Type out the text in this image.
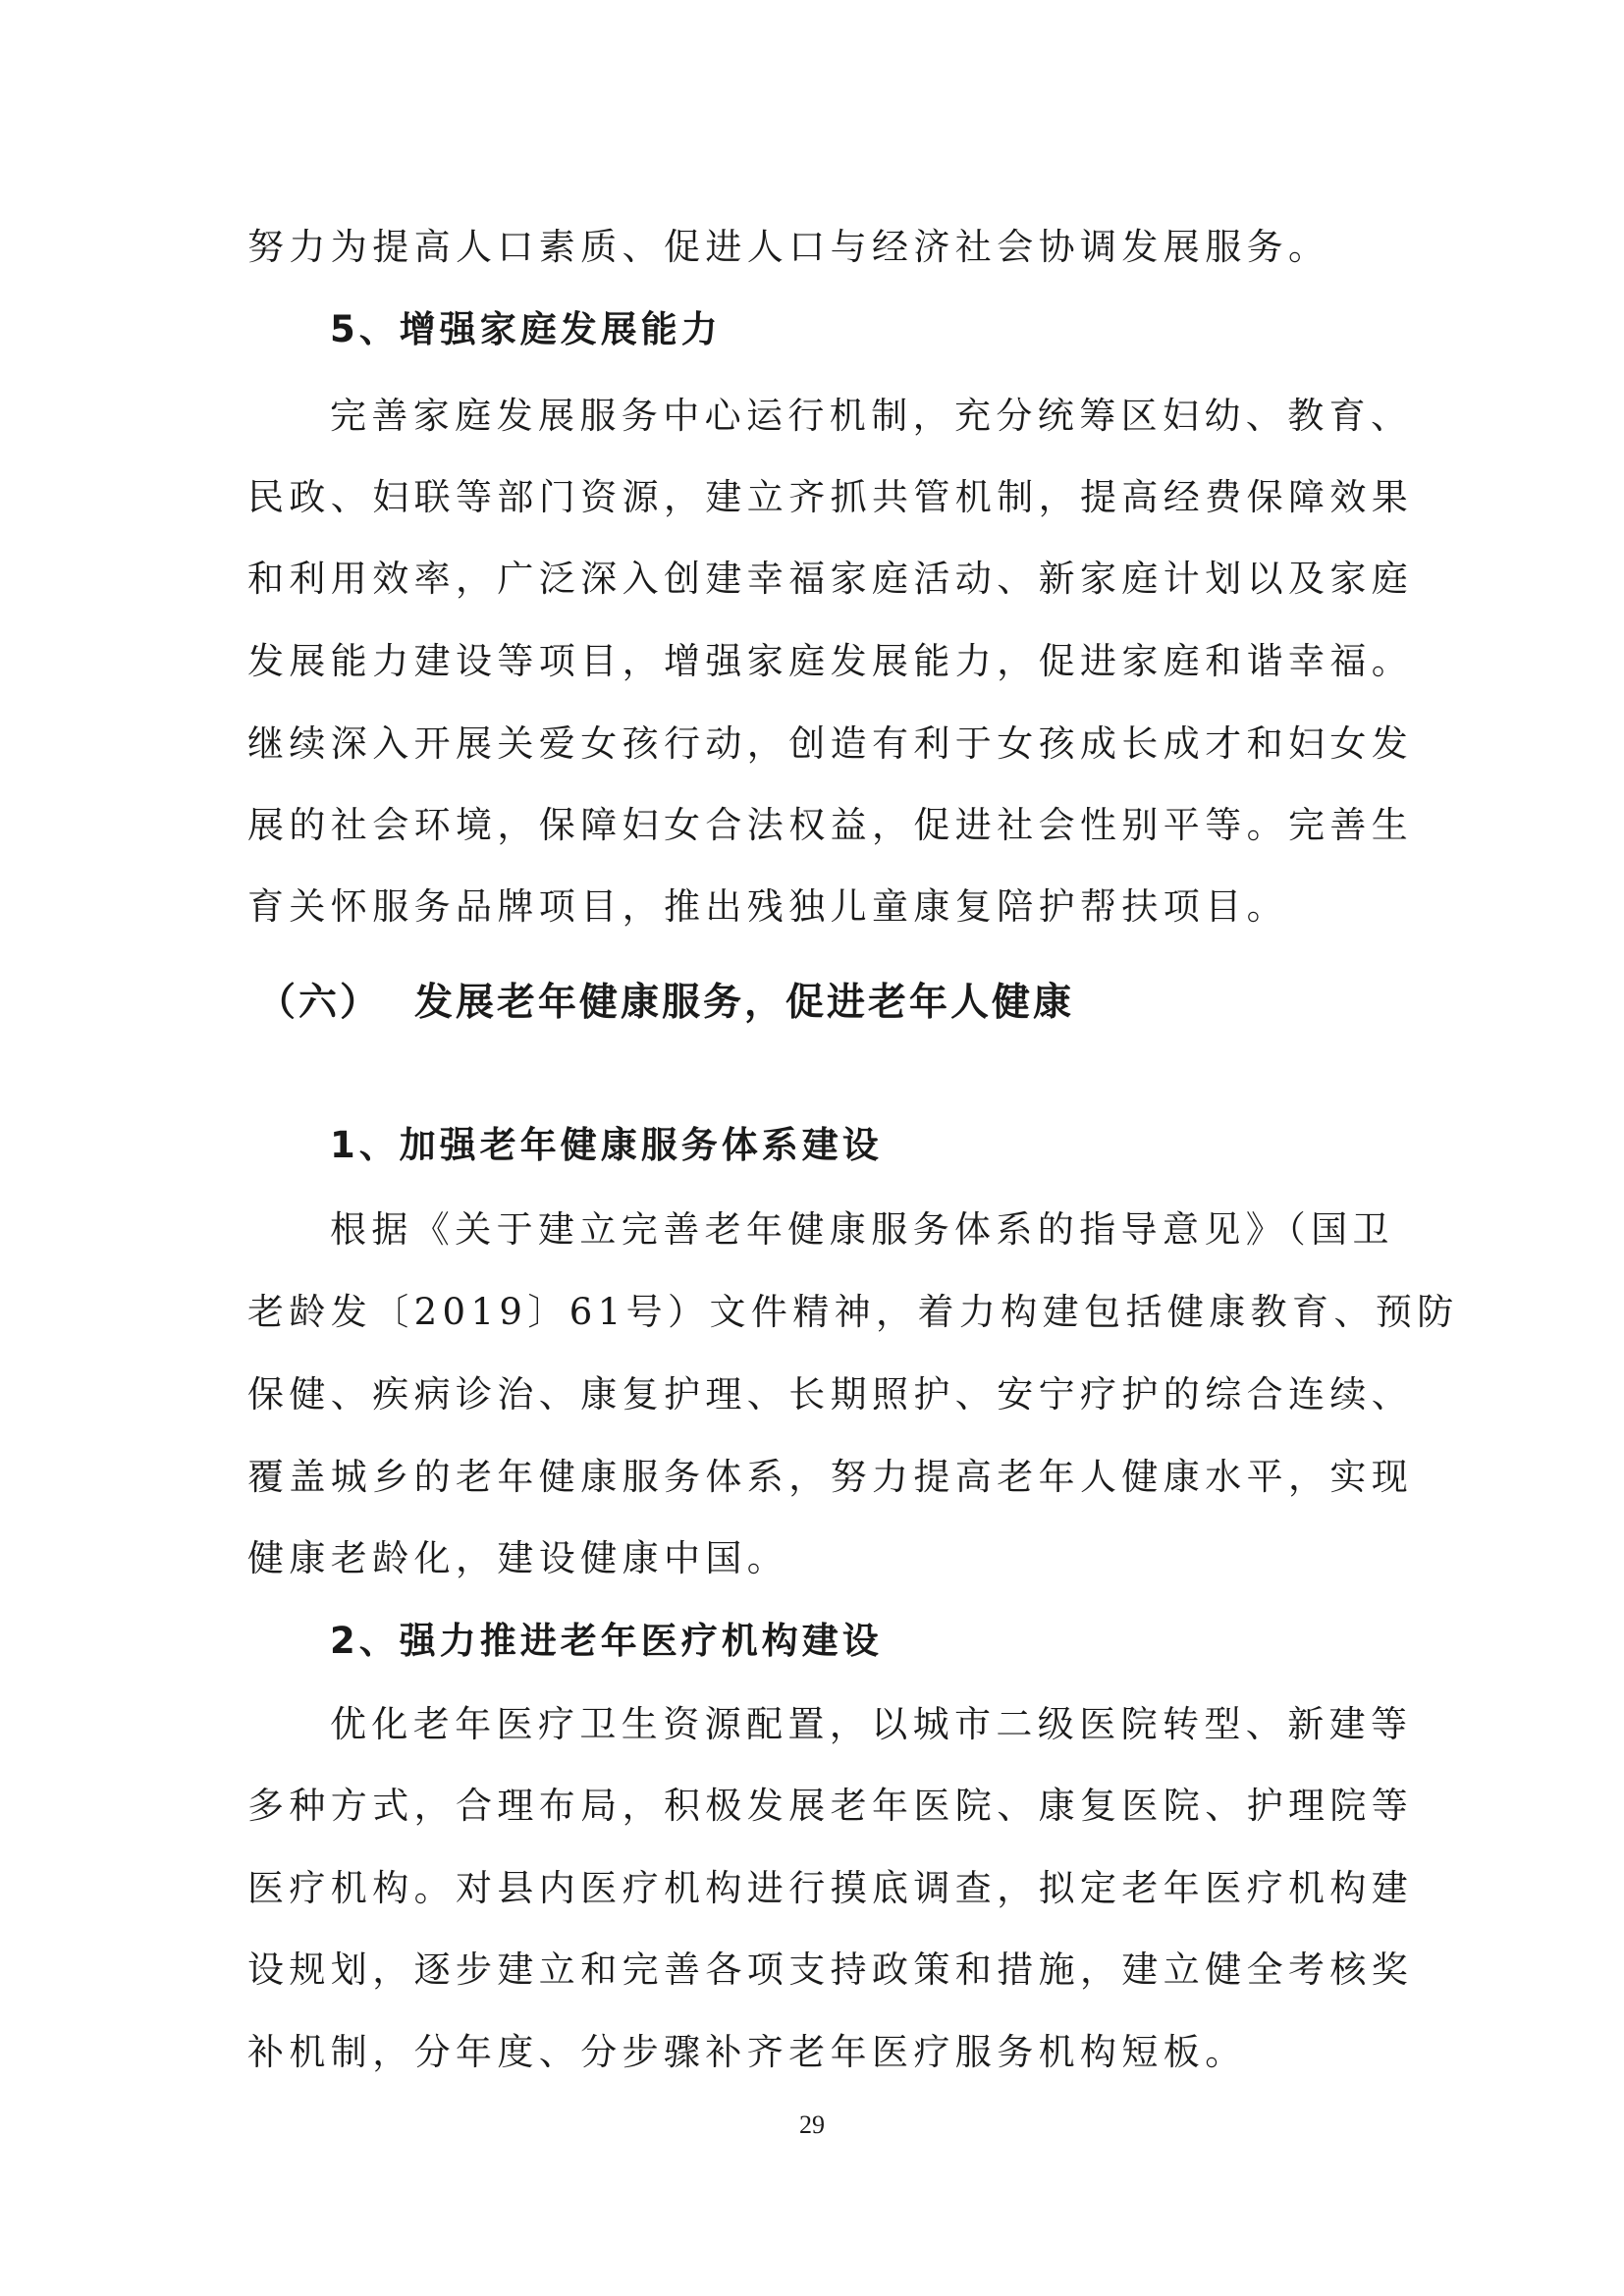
努力为提高人口素质、促进人口与经济社会协调发展服务。
5、增强家庭发展能力
完善家庭发展服务中心运行机制，充分统筹区妇幼、教育、
民政、妇联等部门资源，建立齐抓共管机制，提高经费保障效果
和利用效率，广泛深入创建幸福家庭活动、新家庭计划以及家庭
发展能力建设等项目，增强家庭发展能力，促进家庭和谐幸福。
继续深入开展关爱女孩行动，创造有利于女孩成长成才和妇女发
展的社会环境，保障妇女合法权益，促进社会性别平等。完善生
育关怀服务品牌项目，推出残独儿童康复陪护帮扶项目。
（六） 发展老年健康服务，促进老年人健康
1、加强老年健康服务体系建设
根据《关于建立完善老年健康服务体系的指导意见》（国卫
老龄发〔2019〕61号）文件精神，着力构建包括健康教育、预防
保健、疾病诊治、康复护理、长期照护、安宁疗护的综合连续、
覆盖城乡的老年健康服务体系，努力提高老年人健康水平，实现
健康老龄化，建设健康中国。
2、强力推进老年医疗机构建设
优化老年医疗卫生资源配置，以城市二级医院转型、新建等
多种方式，合理布局，积极发展老年医院、康复医院、护理院等
医疗机构。对县内医疗机构进行摸底调查，拟定老年医疗机构建
设规划，逐步建立和完善各项支持政策和措施，建立健全考核奖
补机制，分年度、分步骤补齐老年医疗服务机构短板。
29
